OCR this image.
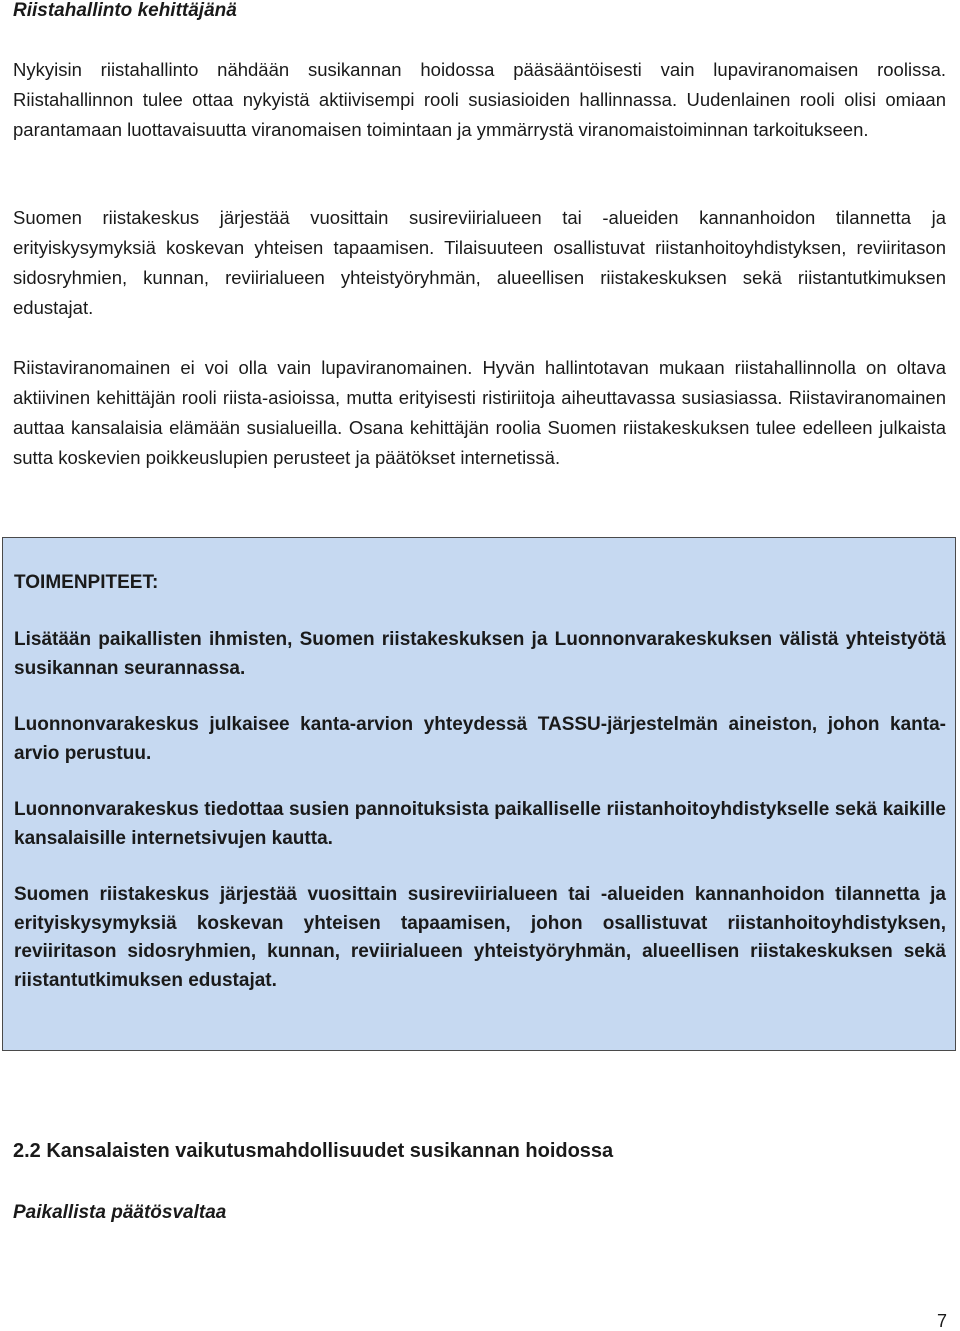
Riistahallinto kehittäjänä

Nykyisin riistahallinto nähdään susikannan hoidossa pääsääntöisesti vain lupaviranomaisen roolissa. Riistahallinnon tulee ottaa nykyistä aktiivisempi rooli susiasioiden hallinnassa. Uudenlainen rooli olisi omiaan parantamaan luottavaisuutta viranomaisen toimintaan ja ymmärrystä viranomaistoiminnan tarkoitukseen.

Suomen riistakeskus järjestää vuosittain susireviirialueen tai -alueiden kannanhoidon tilannetta ja erityiskysymyksiä koskevan yhteisen tapaamisen. Tilaisuuteen osallistuvat riistanhoitoyhdistyksen, reviiritason sidosryhmien, kunnan, reviirialueen yhteistyöryhmän, alueellisen riistakeskuksen sekä riistantutkimuksen edustajat.

Riistaviranomainen ei voi olla vain lupaviranomainen. Hyvän hallintotavan mukaan riistahallinnolla on oltava aktiivinen kehittäjän rooli riista-asioissa, mutta erityisesti ristiriitoja aiheuttavassa susiasiassa. Riistaviranomainen auttaa kansalaisia elämään susialueilla. Osana kehittäjän roolia Suomen riistakeskuksen tulee edelleen julkaista sutta koskevien poikkeuslupien perusteet ja päätökset internetissä.

TOIMENPITEET:

Lisätään paikallisten ihmisten, Suomen riistakeskuksen ja Luonnonvarakeskuksen välistä yhteistyötä susikannan seurannassa.

Luonnonvarakeskus julkaisee kanta-arvion yhteydessä TASSU-järjestelmän aineiston, johon kanta-arvio perustuu.

Luonnonvarakeskus tiedottaa susien pannoituksista paikalliselle riistanhoitoyhdistykselle sekä kaikille kansalaisille internetsivujen kautta.

Suomen riistakeskus järjestää vuosittain susireviirialueen tai -alueiden kannanhoidon tilannetta ja erityiskysymyksiä koskevan yhteisen tapaamisen, johon osallistuvat riistanhoitoyhdistyksen, reviiritason sidosryhmien, kunnan, reviirialueen yhteistyöryhmän, alueellisen riistakeskuksen sekä riistantutkimuksen edustajat.

2.2 Kansalaisten vaikutusmahdollisuudet susikannan hoidossa
Paikallista päätösvaltaa
7
